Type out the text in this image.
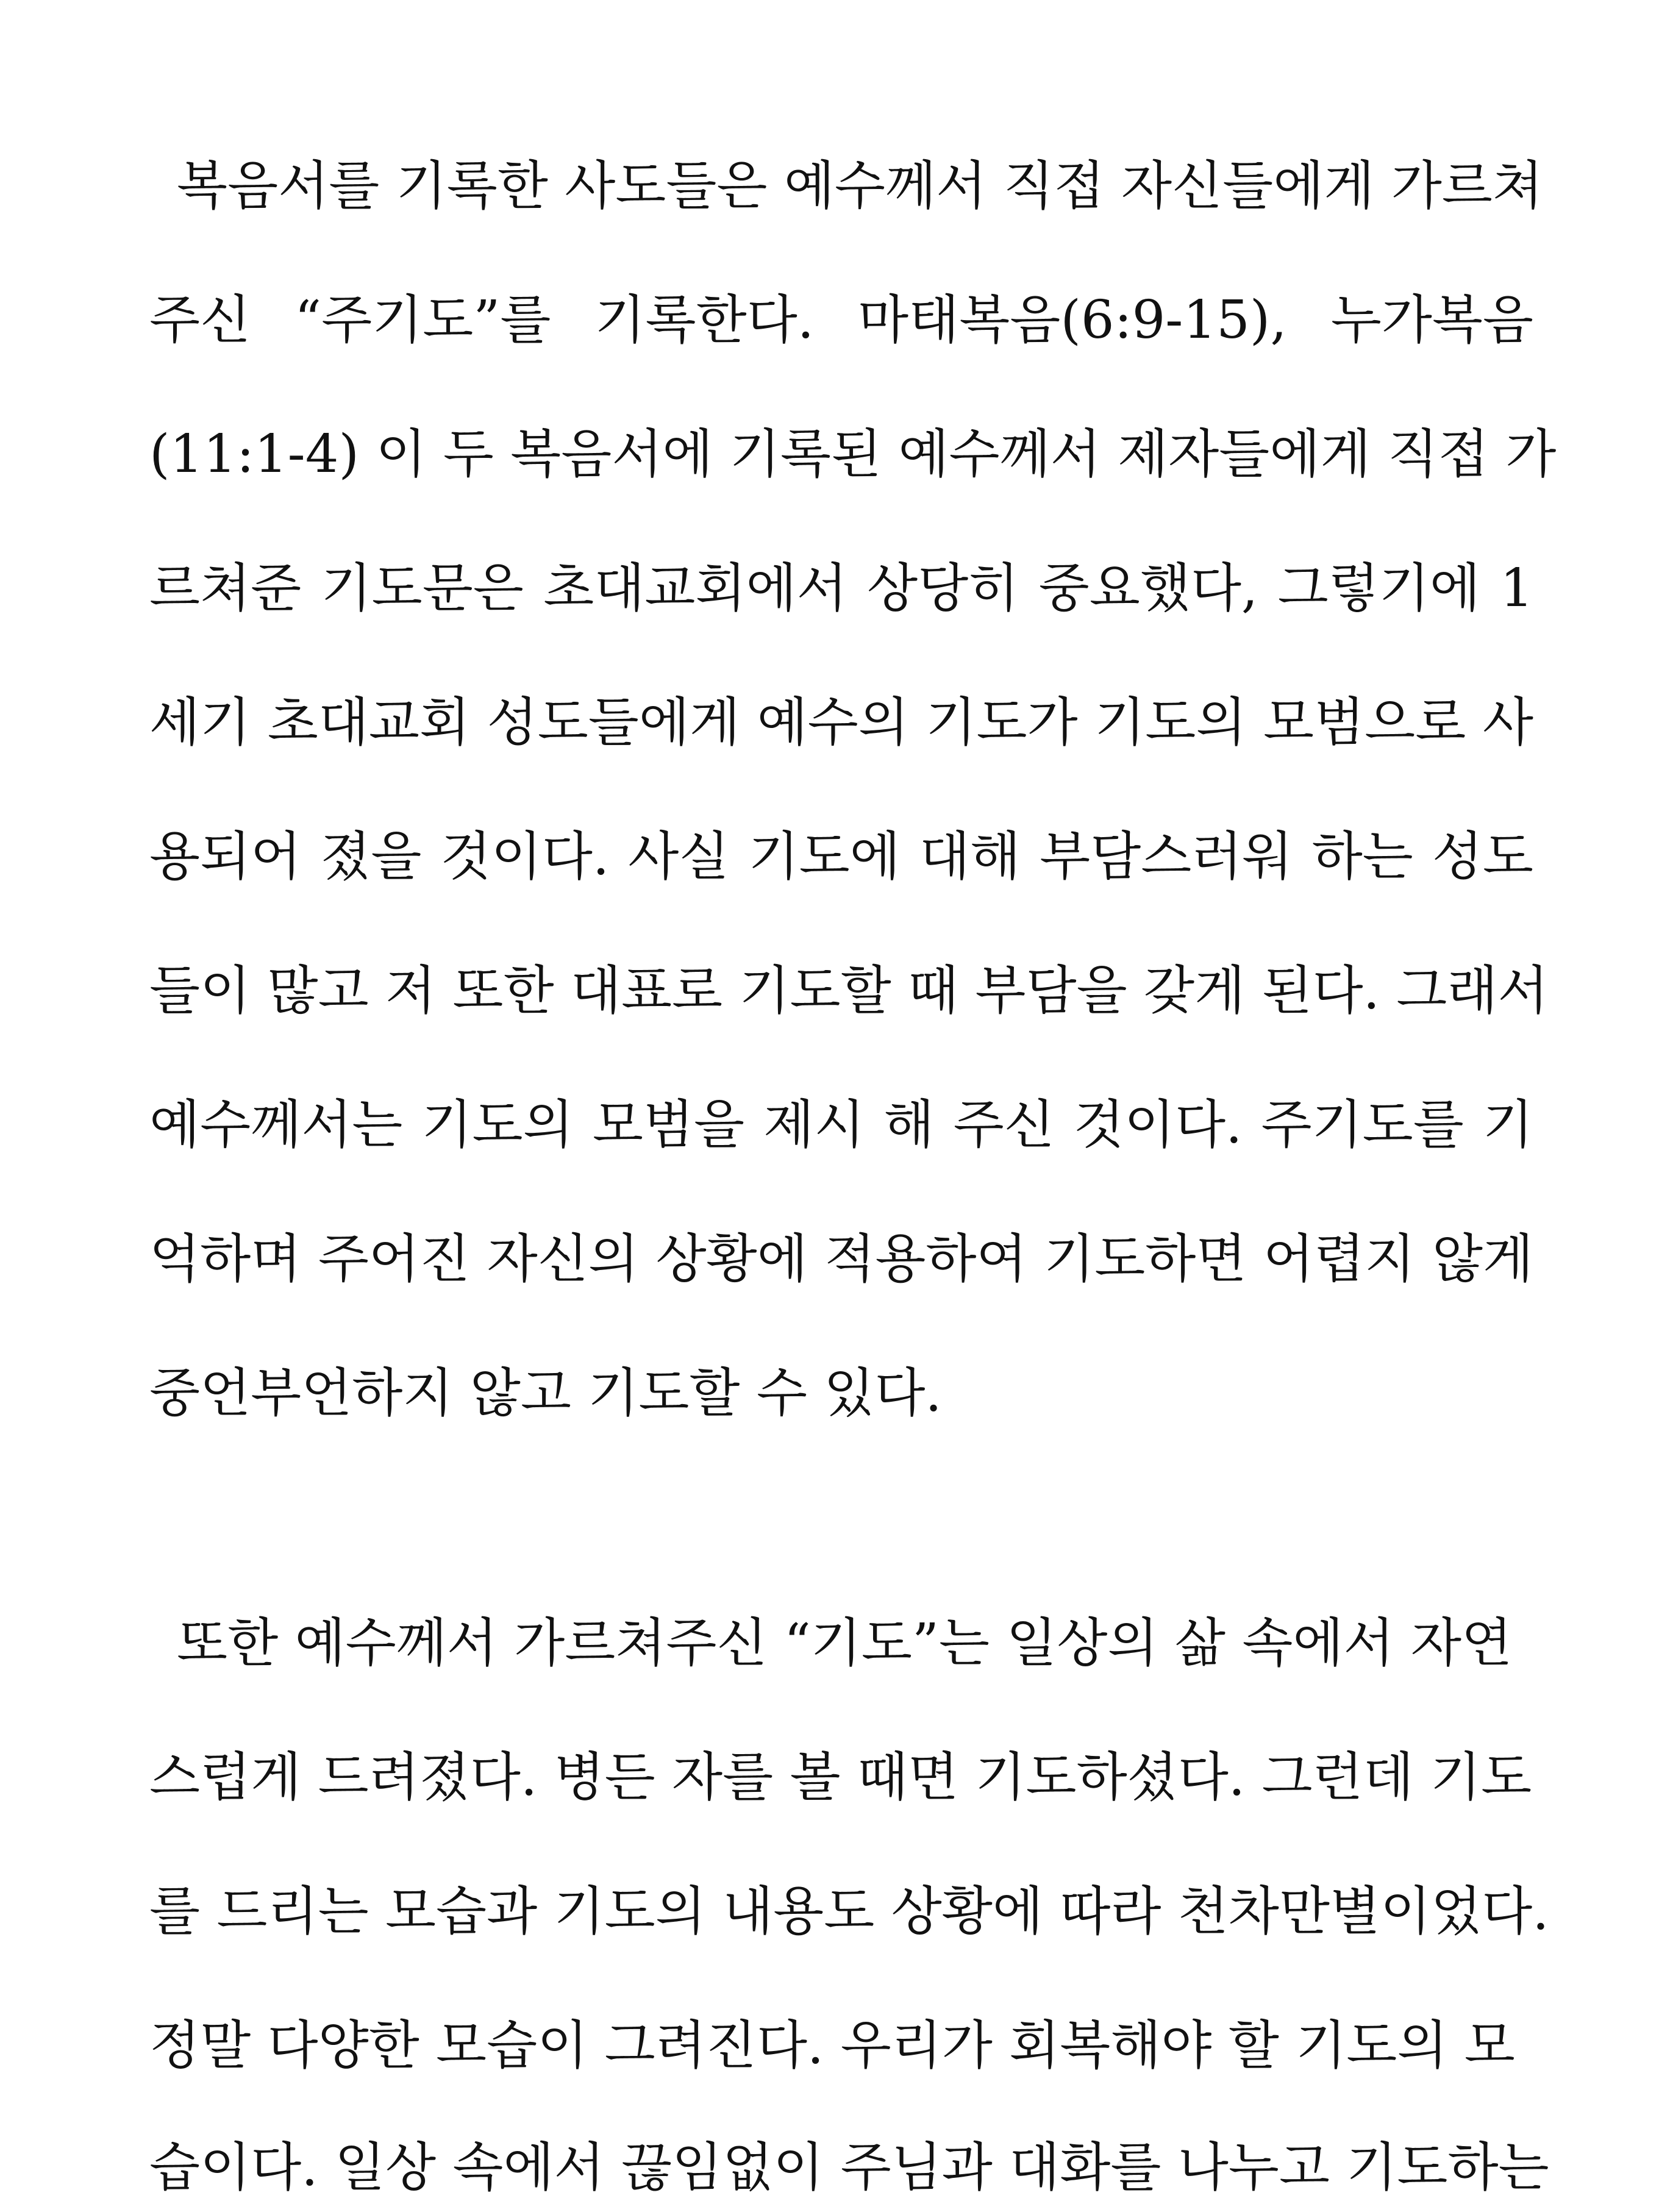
복음서를 기록한 사도들은 예수께서 직접 자신들에게 가르쳐
주신 “주기도”를 기록한다. 마태복음(6:9-15), 누가복음
(11:1-4) 이 두 복음서에 기록된 예수께서 제자들에게 직접 가
르쳐준 기도문은 초대교회에서 상당히 중요했다, 그렇기에 1
세기 초대교회 성도들에게 예수의 기도가 기도의 모범으로 사
용되어 졌을 것이다. 사실 기도에 대해 부담스러워 하는 성도
들이 많고 저 또한 대표로 기도할 때 부담을 갖게 된다. 그래서
예수께서는 기도의 모범을 제시 해 주신 것이다. 주기도를 기
억하며 주어진 자신의 상황에 적용하여 기도하면 어렵지 않게
중언부언하지 않고 기도할 수 있다.
또한 예수께서 가르쳐주신 “기도”는 일상의 삶 속에서 자연
스럽게 드려졌다. 병든 자를 볼 때면 기도하셨다. 그런데 기도
를 드리는 모습과 기도의 내용도 상황에 따라 천차만별이었다.
정말 다양한 모습이 그려진다. 우리가 회복해야 할 기도의 모
습이다. 일상 속에서 끊임없이 주님과 대화를 나누고 기도하는
